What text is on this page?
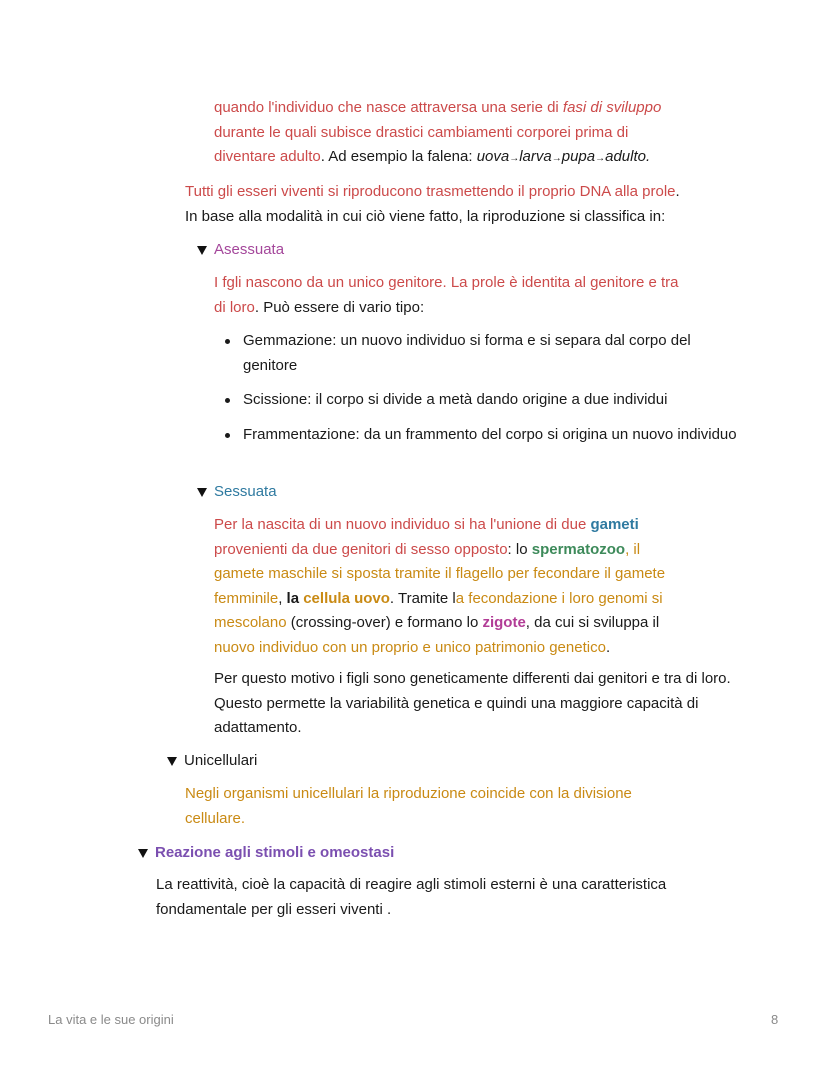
quando l'individuo che nasce attraversa una serie di fasi di sviluppo
durante le quali subisce drastici cambiamenti corporei prima di
diventare adulto. Ad esempio la falena: uova→larva→pupa→adulto.

Tutti gli esseri viventi si riproducono trasmettendo il proprio DNA alla prole.
In base alla modalità in cui ciò viene fatto, la riproduzione si classifica in:

Asessuata

I fgli nascono da un unico genitore. La prole è identita al genitore e tra
di loro. Può essere di vario tipo:

Gemmazione: un nuovo individuo si forma e si separa dal corpo del genitore
Scissione: il corpo si divide a metà dando origine a due individui
Frammentazione: da un frammento del corpo si origina un nuovo individuo
Sessuata

Per la nascita di un nuovo individuo si ha l'unione di due gameti
provenienti da due genitori di sesso opposto: lo spermatozoo, il
gamete maschile si sposta tramite il flagello per fecondare il gamete
femminile, la cellula uovo. Tramite la fecondazione i loro genomi si
mescolano (crossing-over) e formano lo zigote, da cui si sviluppa il
nuovo individuo con un proprio e unico patrimonio genetico.

Per questo motivo i figli sono geneticamente differenti dai genitori e tra di loro. Questo permette la variabilità genetica e quindi una maggiore capacità di adattamento.

Unicellulari

Negli organismi unicellulari la riproduzione coincide con la divisione cellulare.

Reazione agli stimoli e omeostasi

La reattività, cioè la capacità di reagire agli stimoli esterni è una caratteristica fondamentale per gli esseri viventi .

La vita e le sue origini	8
